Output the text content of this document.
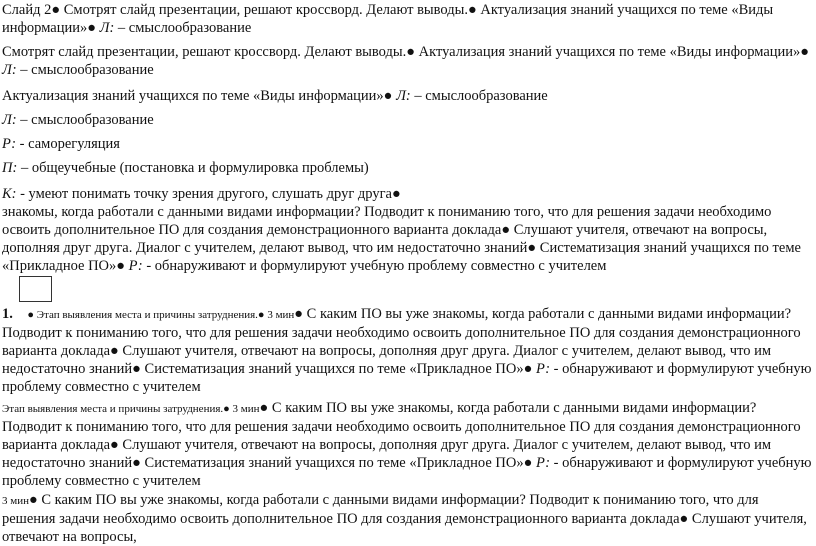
Слайд 2● Смотрят слайд презентации, решают кроссворд. Делают выводы.● Актуализация знаний учащихся по теме «Виды информации»● Л: – смыслообразование

Смотрят слайд презентации, решают кроссворд. Делают выводы.● Актуализация знаний учащихся по теме «Виды информации»● Л: – смыслообразование

Актуализация знаний учащихся по теме «Виды информации»● Л: – смыслообразование

Л: – смыслообразование

Р: - саморегуляция

П: – общеучебные (постановка и формулировка проблемы)

К: - умеют понимать точку зрения другого, слушать друг друга●
знакомы, когда работали с данными видами информации? Подводит к пониманию того, что для решения задачи необходимо освоить дополнительное ПО для создания демонстрационного варианта доклада● Слушают учителя, отвечают на вопросы, дополняя друг друга. Диалог с учителем, делают вывод, что им недостаточно знаний● Систематизация знаний учащихся по теме «Прикладное ПО»● Р: - обнаруживают и формулируют учебную проблему совместно с учителем

1. ● Этап выявления места и причины затруднения.● 3 мин● С каким ПО вы уже знакомы, когда работали с данными видами информации? Подводит к пониманию того, что для решения задачи необходимо освоить дополнительное ПО для создания демонстрационного варианта доклада● Слушают учителя, отвечают на вопросы, дополняя друг друга. Диалог с учителем, делают вывод, что им недостаточно знаний● Систематизация знаний учащихся по теме «Прикладное ПО»● Р: - обнаруживают и формулируют учебную проблему совместно с учителем

Этап выявления места и причины затруднения.● 3 мин● С каким ПО вы уже знакомы, когда работали с данными видами информации? Подводит к пониманию того, что для решения задачи необходимо освоить дополнительное ПО для создания демонстрационного варианта доклада● Слушают учителя, отвечают на вопросы, дополняя друг друга. Диалог с учителем, делают вывод, что им недостаточно знаний● Систематизация знаний учащихся по теме «Прикладное ПО»● Р: - обнаруживают и формулируют учебную проблему совместно с учителем

3 мин● С каким ПО вы уже знакомы, когда работали с данными видами информации? Подводит к пониманию того, что для решения задачи необходимо освоить дополнительное ПО для создания демонстрационного варианта доклада● Слушают учителя, отвечают на вопросы,
